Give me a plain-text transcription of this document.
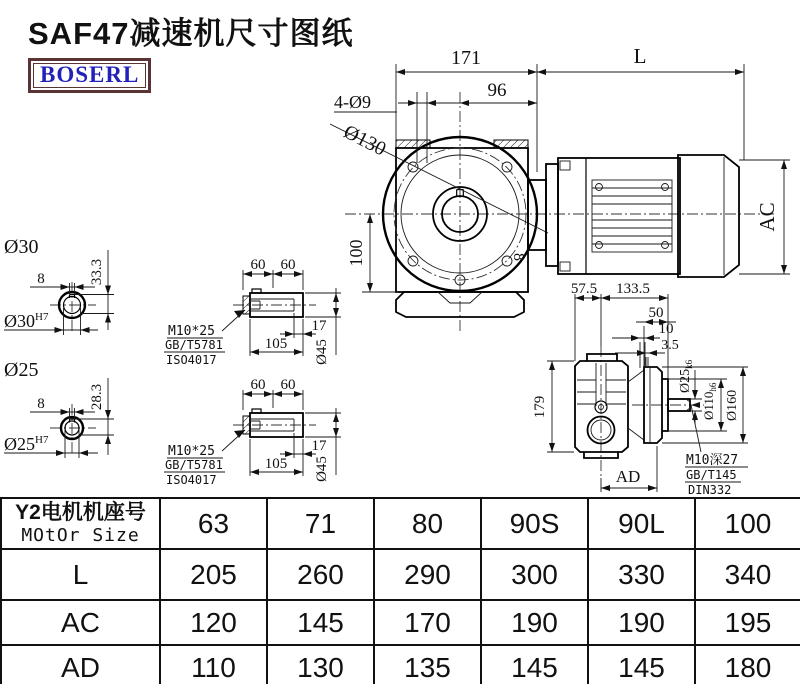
SAF47减速机尺寸图纸
BOSERL
171	L
96
4-Ø9
Ø130
8
100
AC
Ø30
8	33.3
$Ø30^{H7}$
Ø25
8	28.3
$Ø25^{H7}$
60 60
17
105 Ø45
M10*25
GB/T5781
ISO4017
60 60
17
105 Ø45
M10*25
GB/T5781
ISO4017
57.5 133.5
50
10
3.5
$Ø25_{k6}$
$Ø110_{h6}$
Ø160
179
AD
M10深27
GB/T145
DIN332
Y2电机机座号
MOtOr Size	63	71	80	90S	90L	100
L	205	260	290	300	330	340
AC	120	145	170	190	190	195
AD	110	130	135	145	145	180
